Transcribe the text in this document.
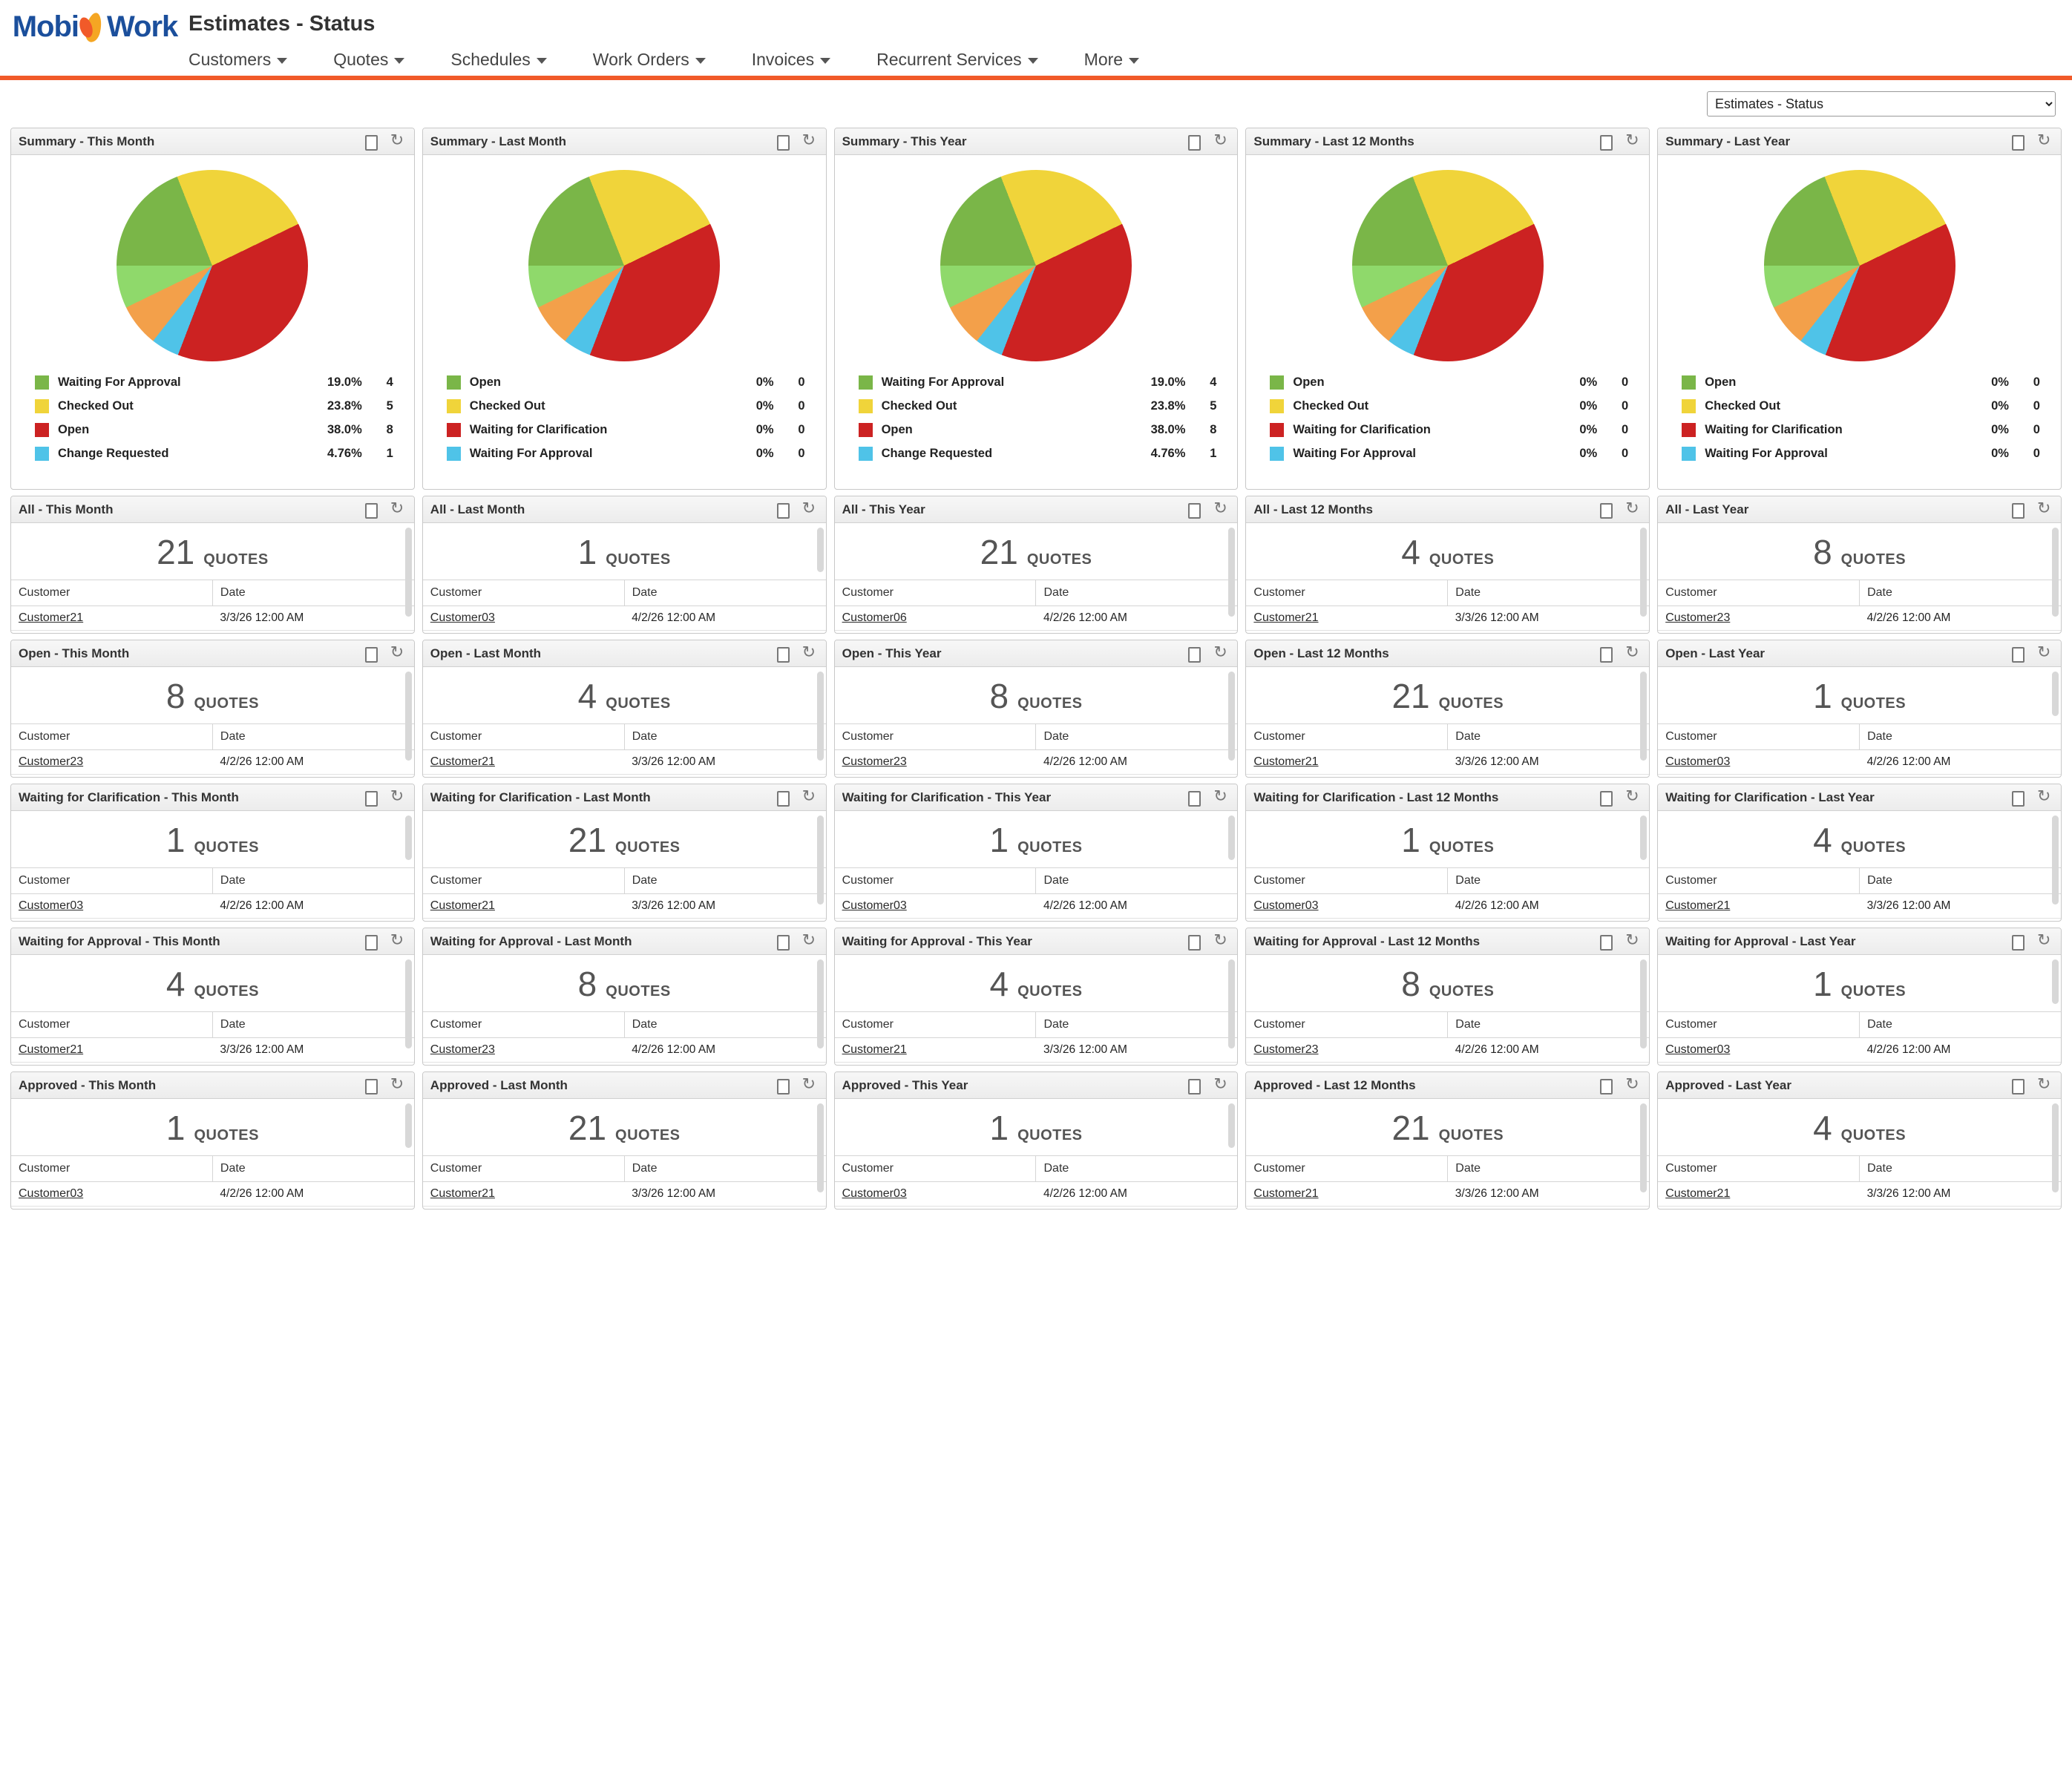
Mobi Work Estimates - Status
Customers	Quotes	Schedules	Work Orders	Invoices	Recurrent Services	More
Estimates - Status
Summary - This Month
↻
Waiting For Approval	19.0%	4
Checked Out	23.8%	5
Open	38.0%	8
Change Requested	4.76%	1
Summary - Last Month
↻
Open	0%	0
Checked Out	0%	0
Waiting for Clarification	0%	0
Waiting For Approval	0%	0
Summary - This Year
↻
Waiting For Approval	19.0%	4
Checked Out	23.8%	5
Open	38.0%	8
Change Requested	4.76%	1
Summary - Last 12 Months
↻
Open	0%	0
Checked Out	0%	0
Waiting for Clarification	0%	0
Waiting For Approval	0%	0
Summary - Last Year
↻
Open	0%	0
Checked Out	0%	0
Waiting for Clarification	0%	0
Waiting For Approval	0%	0
All - This Month
↻
21 QUOTES
Customer	Date
Customer21	3/3/26 12:00 AM

All - Last Month
↻
1 QUOTES
Customer	Date
Customer03	4/2/26 12:00 AM
All - This Year
↻
21 QUOTES
Customer	Date
Customer06	4/2/26 12:00 AM

All - Last 12 Months
↻
4 QUOTES
Customer	Date
Customer21	3/3/26 12:00 AM

All - Last Year
↻
8 QUOTES
Customer	Date
Customer23	4/2/26 12:00 AM

Open - This Month
↻
8 QUOTES
Customer	Date
Customer23	4/2/26 12:00 AM

Open - Last Month
↻
4 QUOTES
Customer	Date
Customer21	3/3/26 12:00 AM

Open - This Year
↻
8 QUOTES
Customer	Date
Customer23	4/2/26 12:00 AM

Open - Last 12 Months
↻
21 QUOTES
Customer	Date
Customer21	3/3/26 12:00 AM

Open - Last Year
↻
1 QUOTES
Customer	Date
Customer03	4/2/26 12:00 AM
Waiting for Clarification - This Month
↻
1 QUOTES
Customer	Date
Customer03	4/2/26 12:00 AM
Waiting for Clarification - Last Month
↻
21 QUOTES
Customer	Date
Customer21	3/3/26 12:00 AM

Waiting for Clarification - This Year
↻
1 QUOTES
Customer	Date
Customer03	4/2/26 12:00 AM
Waiting for Clarification - Last 12 Months
↻
1 QUOTES
Customer	Date
Customer03	4/2/26 12:00 AM
Waiting for Clarification - Last Year
↻
4 QUOTES
Customer	Date
Customer21	3/3/26 12:00 AM

Waiting for Approval - This Month
↻
4 QUOTES
Customer	Date
Customer21	3/3/26 12:00 AM

Waiting for Approval - Last Month
↻
8 QUOTES
Customer	Date
Customer23	4/2/26 12:00 AM

Waiting for Approval - This Year
↻
4 QUOTES
Customer	Date
Customer21	3/3/26 12:00 AM

Waiting for Approval - Last 12 Months
↻
8 QUOTES
Customer	Date
Customer23	4/2/26 12:00 AM

Waiting for Approval - Last Year
↻
1 QUOTES
Customer	Date
Customer03	4/2/26 12:00 AM
Approved - This Month
↻
1 QUOTES
Customer	Date
Customer03	4/2/26 12:00 AM
Approved - Last Month
↻
21 QUOTES
Customer	Date
Customer21	3/3/26 12:00 AM

Approved - This Year
↻
1 QUOTES
Customer	Date
Customer03	4/2/26 12:00 AM
Approved - Last 12 Months
↻
21 QUOTES
Customer	Date
Customer21	3/3/26 12:00 AM

Approved - Last Year
↻
4 QUOTES
Customer	Date
Customer21	3/3/26 12:00 AM
